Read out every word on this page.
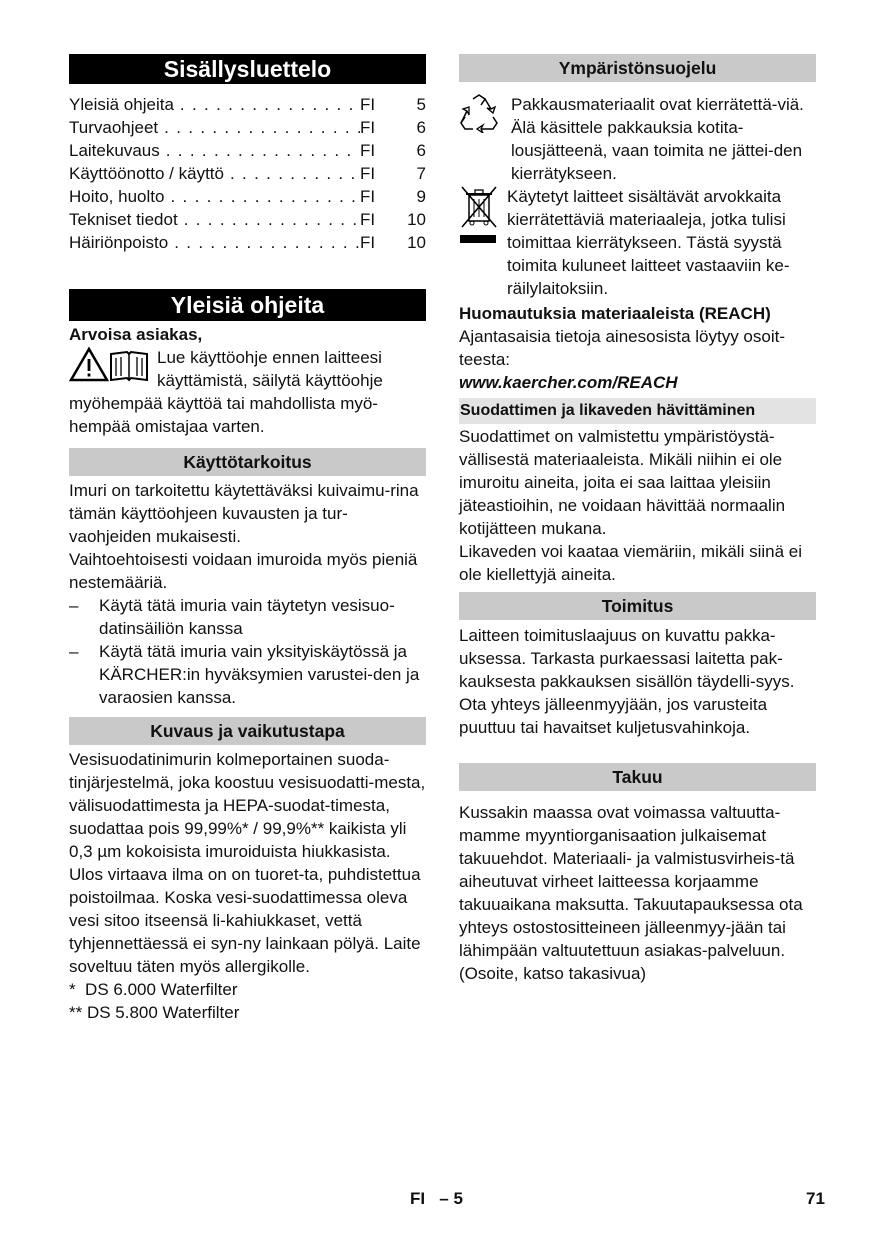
Sisällysluettelo
Yleisiä ohjeita . . .	FI	5
Turvaohjeet . . .	FI	6
Laitekuvaus . . .	FI	6
Käyttöönotto / käyttö . . .	FI	7
Hoito, huolto . . .	FI	9
Tekniset tiedot . . .	FI	10
Häiriönpoisto . . .	FI	10
Yleisiä ohjeita

Arvoisa asiakas,

Lue käyttöohje ennen laitteesi

käyttämistä, säilytä käyttöohje

myöhempää käyttöä tai mahdollista myö-hempää omistajaa varten.

Käyttötarkoitus

Imuri on tarkoitettu käytettäväksi kuivaimu-rina tämän käyttöohjeen kuvausten ja tur-vaohjeiden mukaisesti.

Vaihtoehtoisesti voidaan imuroida myös pieniä nestemääriä.

–	Käytä tätä imuria vain täytetyn vesisuo-datinsäiliön kanssa
–	Käytä tätä imuria vain yksityiskäytössä ja KÄRCHER:in hyväksymien varustei-den ja varaosien kanssa.
Kuvaus ja vaikutustapa

Vesisuodatinimurin kolmeportainen suoda-tinjärjestelmä, joka koostuu vesisuodatti-mesta, välisuodattimesta ja HEPA-suodat-timesta, suodattaa pois 99,99%* / 99,9%** kaikista yli 0,3 µm kokoisista imuroiduista hiukkasista. Ulos virtaava ilma on on tuoret-ta, puhdistettua poistoilmaa. Koska vesi-suodattimessa oleva vesi sitoo itseensä li-kahiukkaset, vettä tyhjennettäessä ei syn-ny lainkaan pölyä. Laite soveltuu täten myös allergikolle.

*  DS 6.000 Waterfilter

** DS 5.800 Waterfilter

Ympäristönsuojelu

Pakkausmateriaalit ovat kierrätettä-viä. Älä käsittele pakkauksia kotita-lousjätteenä, vaan toimita ne jättei-den kierrätykseen.

Käytetyt laitteet sisältävät arvokkaita kierrätettäviä materiaaleja, jotka tulisi toimittaa kierrätykseen. Tästä syystä toimita kuluneet laitteet vastaaviin ke-räilylaitoksiin.

Huomautuksia materiaaleista (REACH)

Ajantasaisia tietoja ainesosista löytyy osoit-teesta:

www.kaercher.com/REACH

Suodattimen ja likaveden hävittäminen

Suodattimet on valmistettu ympäristöystä-vällisestä materiaaleista. Mikäli niihin ei ole imuroitu aineita, joita ei saa laittaa yleisiin jäteastioihin, ne voidaan hävittää normaalin kotijätteen mukana.

Likaveden voi kaataa viemäriin, mikäli siinä ei ole kiellettyjä aineita.

Toimitus

Laitteen toimituslaajuus on kuvattu pakka-uksessa. Tarkasta purkaessasi laitetta pak-kauksesta pakkauksen sisällön täydelli-syys.

Ota yhteys jälleenmyyjään, jos varusteita puuttuu tai havaitset kuljetusvahinkoja.

Takuu

Kussakin maassa ovat voimassa valtuutta-mamme myyntiorganisaation julkaisemat takuuehdot. Materiaali- ja valmistusvirheis-tä aiheutuvat virheet laitteessa korjaamme takuuaikana maksutta. Takuutapauksessa ota yhteys ostostositteineen jälleenmyy-jään tai lähimpään valtuutettuun asiakas-palveluun.

(Osoite, katso takasivua)

FI   – 5	71
